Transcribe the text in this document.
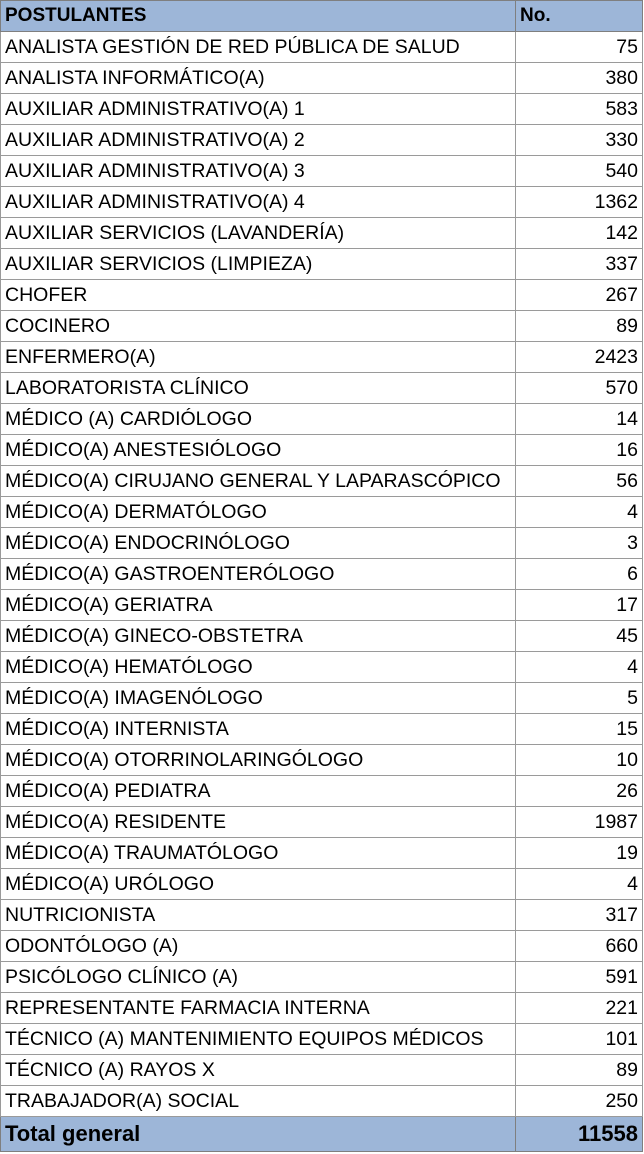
POSTULANTES	No.
ANALISTA GESTIÓN DE RED PÚBLICA DE SALUD	75
ANALISTA INFORMÁTICO(A)	380
AUXILIAR ADMINISTRATIVO(A) 1	583
AUXILIAR ADMINISTRATIVO(A) 2	330
AUXILIAR ADMINISTRATIVO(A) 3	540
AUXILIAR ADMINISTRATIVO(A) 4	1362
AUXILIAR SERVICIOS (LAVANDERÍA)	142
AUXILIAR SERVICIOS (LIMPIEZA)	337
CHOFER	267
COCINERO	89
ENFERMERO(A)	2423
LABORATORISTA CLÍNICO	570
MÉDICO (A) CARDIÓLOGO	14
MÉDICO(A) ANESTESIÓLOGO	16
MÉDICO(A) CIRUJANO GENERAL Y LAPARASCÓPICO	56
MÉDICO(A) DERMATÓLOGO	4
MÉDICO(A) ENDOCRINÓLOGO	3
MÉDICO(A) GASTROENTERÓLOGO	6
MÉDICO(A) GERIATRA	17
MÉDICO(A) GINECO-OBSTETRA	45
MÉDICO(A) HEMATÓLOGO	4
MÉDICO(A) IMAGENÓLOGO	5
MÉDICO(A) INTERNISTA	15
MÉDICO(A) OTORRINOLARINGÓLOGO	10
MÉDICO(A) PEDIATRA	26
MÉDICO(A) RESIDENTE	1987
MÉDICO(A) TRAUMATÓLOGO	19
MÉDICO(A) URÓLOGO	4
NUTRICIONISTA	317
ODONTÓLOGO (A)	660
PSICÓLOGO CLÍNICO (A)	591
REPRESENTANTE FARMACIA INTERNA	221
TÉCNICO (A) MANTENIMIENTO EQUIPOS MÉDICOS	101
TÉCNICO (A) RAYOS X	89
TRABAJADOR(A) SOCIAL	250
Total general	11558
